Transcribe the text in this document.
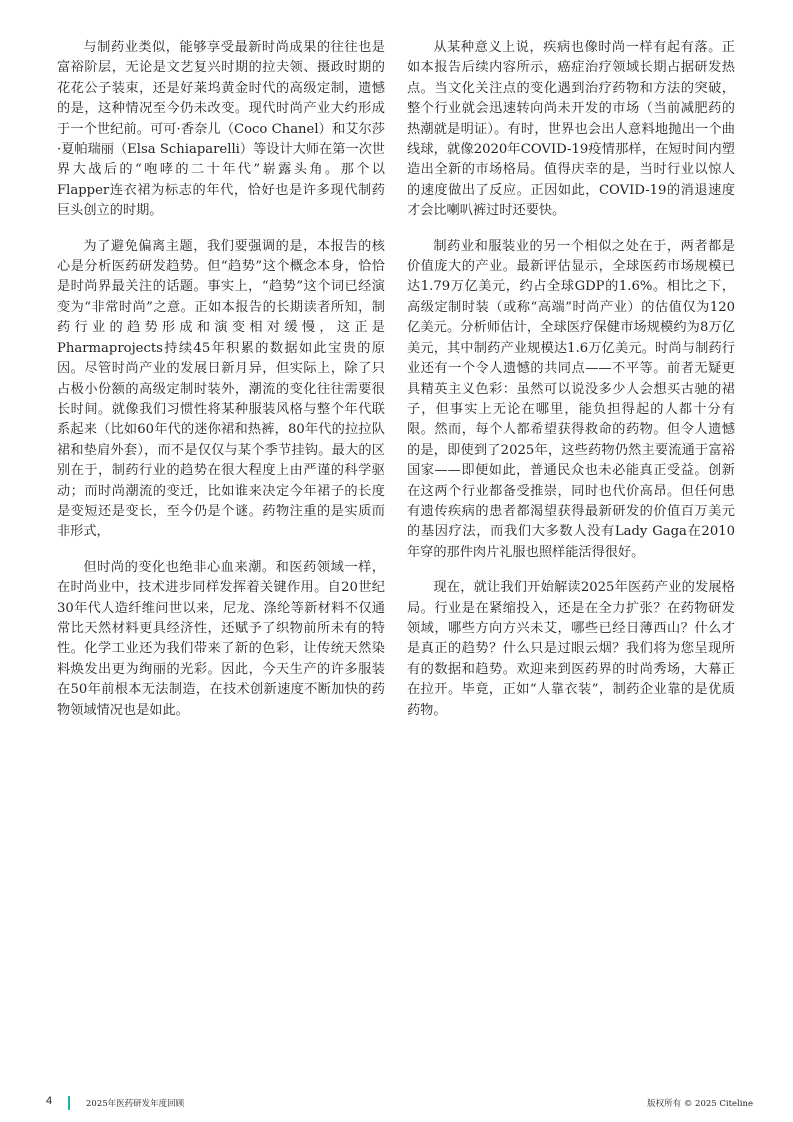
与制药业类似，能够享受最新时尚成果的往往也是富裕阶层，无论是文艺复兴时期的拉夫领、摄政时期的花花公子装束，还是好莱坞黄金时代的高级定制，遗憾的是，这种情况至今仍未改变。现代时尚产业大约形成于一个世纪前。可可·香奈儿（Coco Chanel）和艾尔莎·夏帕瑞丽（Elsa Schiaparelli）等设计大师在第一次世界大战后的“咆哮的二十年代”崭露头角。那个以Flapper连衣裙为标志的年代，恰好也是许多现代制药巨头创立的时期。

为了避免偏离主题，我们要强调的是，本报告的核心是分析医药研发趋势。但“趋势”这个概念本身，恰恰是时尚界最关注的话题。事实上，“趋势”这个词已经演变为“非常时尚”之意。正如本报告的长期读者所知，制药行业的趋势形成和演变相对缓慢，这正是Pharmaprojects持续45年积累的数据如此宝贵的原因。尽管时尚产业的发展日新月异，但实际上，除了只占极小份额的高级定制时装外，潮流的变化往往需要很长时间。就像我们习惯性将某种服装风格与整个年代联系起来（比如60年代的迷你裙和热裤，80年代的拉拉队裙和垫肩外套），而不是仅仅与某个季节挂钩。最大的区别在于，制药行业的趋势在很大程度上由严谨的科学驱动；而时尚潮流的变迁，比如谁来决定今年裙子的长度是变短还是变长，至今仍是个谜。药物注重的是实质而非形式，

但时尚的变化也绝非心血来潮。和医药领域一样，在时尚业中，技术进步同样发挥着关键作用。自20世纪30年代人造纤维问世以来，尼龙、涤纶等新材料不仅通常比天然材料更具经济性，还赋予了织物前所未有的特性。化学工业还为我们带来了新的色彩，让传统天然染料焕发出更为绚丽的光彩。因此，今天生产的许多服装在50年前根本无法制造，在技术创新速度不断加快的药物领域情况也是如此。

从某种意义上说，疾病也像时尚一样有起有落。正如本报告后续内容所示，癌症治疗领域长期占据研发热点。当文化关注点的变化遇到治疗药物和方法的突破，整个行业就会迅速转向尚未开发的市场（当前减肥药的热潮就是明证）。有时，世界也会出人意料地抛出一个曲线球，就像2020年COVID-19疫情那样，在短时间内塑造出全新的市场格局。值得庆幸的是，当时行业以惊人的速度做出了反应。正因如此，COVID-19的消退速度才会比喇叭裤过时还要快。

制药业和服装业的另一个相似之处在于，两者都是价值庞大的产业。最新评估显示，全球医药市场规模已达1.79万亿美元，约占全球GDP的1.6%。相比之下，高级定制时装（或称“高端”时尚产业）的估值仅为120亿美元。分析师估计，全球医疗保健市场规模约为8万亿美元，其中制药产业规模达1.6万亿美元。时尚与制药行业还有一个令人遗憾的共同点——不平等。前者无疑更具精英主义色彩：虽然可以说没多少人会想买古驰的裙子，但事实上无论在哪里，能负担得起的人都十分有限。然而，每个人都希望获得救命的药物。但令人遗憾的是，即使到了2025年，这些药物仍然主要流通于富裕国家——即便如此，普通民众也未必能真正受益。创新在这两个行业都备受推崇，同时也代价高昂。但任何患有遗传疾病的患者都渴望获得最新研发的价值百万美元的基因疗法，而我们大多数人没有Lady Gaga在2010年穿的那件肉片礼服也照样能活得很好。

现在，就让我们开始解读2025年医药产业的发展格局。行业是在紧缩投入，还是在全力扩张？在药物研发领域，哪些方向方兴未艾，哪些已经日薄西山？什么才是真正的趋势？什么只是过眼云烟？我们将为您呈现所有的数据和趋势。欢迎来到医药界的时尚秀场，大幕正在拉开。毕竟，正如“人靠衣装”，制药企业靠的是优质药物。

4	2025年医药研发年度回顾	版权所有 © 2025 Citeline
